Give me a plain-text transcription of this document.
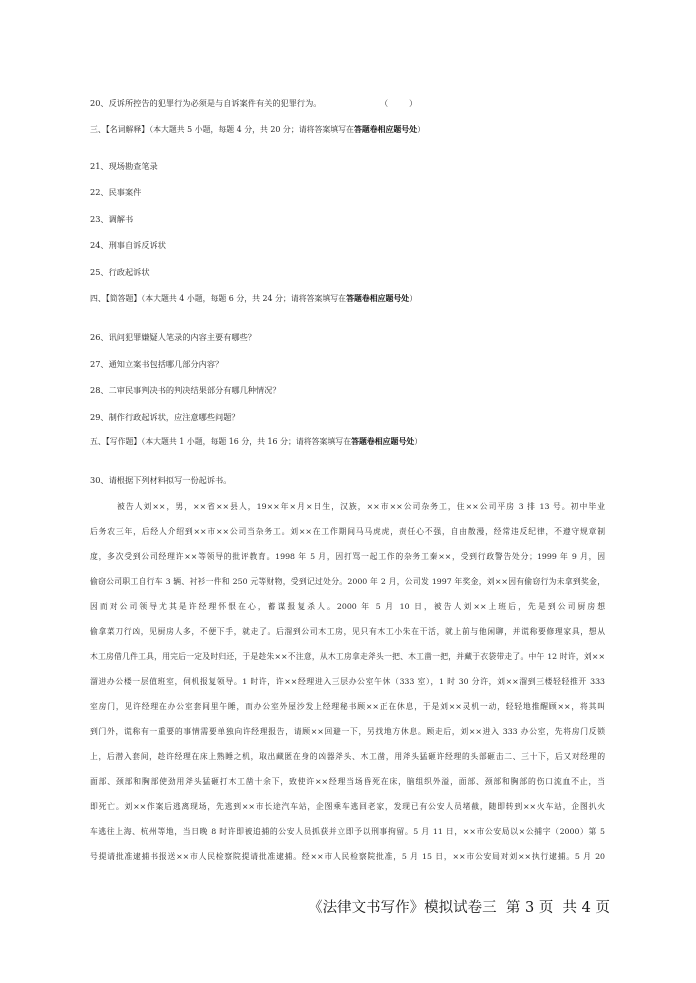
20、反诉所控告的犯罪行为必须是与自诉案件有关的犯罪行为。	（        ）
三、【名词解释】（本大题共 5 小题，每题 4 分，共 20 分；请将答案填写在答题卷相应题号处）
21、现场勘查笔录
22、民事案件
23、调解书
24、刑事自诉反诉状
25、行政起诉状
四、【简答题】（本大题共 4 小题，每题 6 分，共 24 分；请将答案填写在答题卷相应题号处）
26、讯问犯罪嫌疑人笔录的内容主要有哪些？
27、通知立案书包括哪几部分内容？
28、二审民事判决书的判决结果部分有哪几种情况？
29、制作行政起诉状，应注意哪些问题？
五、【写作题】（本大题共 1 小题，每题 16 分，共 16 分；请将答案填写在答题卷相应题号处）
30、请根据下列材料拟写一份起诉书。
被告人刘××，男，××省××县人，19××年×月×日生，汉族，××市××公司杂务工，住××公司平房 3 排 13 号。初中毕业
后务农三年，后经人介绍到××市××公司当杂务工。刘××在工作期间马马虎虎，责任心不强，自由散漫，经常违反纪律，不遵守规章制
度，多次受到公司经理许××等领导的批评教育。1998 年 5 月，因打骂一起工作的杂务工秦××，受到行政警告处分；1999 年 9 月，因
偷窃公司职工自行车 3 辆、衬衫一件和 250 元等财物，受到记过处分。2000 年 2 月，公司发 1997 年奖金，刘××因有偷窃行为未拿到奖金，
因而对公司领导尤其是许经理怀恨在心，蓄谋报复杀人。2000 年 5 月 10 日，被告人刘××上班后，先是到公司厨房想
偷拿菜刀行凶，见厨房人多，不便下手，就走了。后溜到公司木工房，见只有木工小朱在干活，就上前与他闲聊，并谎称要修理家具，想从
木工房借几件工具，用完后一定及时归还，于是趁朱××不注意，从木工房拿走斧头一把、木工凿一把，并藏于衣袋带走了。中午 12 时许，刘××
溜进办公楼一层值班室，伺机报复领导。1 时许，许××经理进入三层办公室午休（333 室），1 时 30 分许，刘××溜到三楼轻轻推开 333
室房门，见许经理在办公室套间里午睡，而办公室外屋沙发上经理秘书顾××正在休息，于是刘××灵机一动，轻轻地推醒顾××，将其叫
到门外，谎称有一重要的事情需要单独向许经理报告，请顾××回避一下，另找地方休息。顾走后，刘××进入 333 办公室，先将房门反锁
上，后潜入套间，趁许经理在床上熟睡之机，取出藏匿在身的凶器斧头、木工凿，用斧头猛砸许经理的头部砸击二、三十下，后又对经理的
面部、颈部和胸部使劲用斧头猛砸打木工凿十余下，致使许××经理当场昏死在床，脑组织外溢，面部、颈部和胸部的伤口流血不止，当
即死亡。刘××作案后逃离现场，先逃到××市长途汽车站，企图乘车逃回老家，发现已有公安人员堵截，随即转到××火车站，企图扒火
车逃往上海、杭州等地，当日晚 8 时许即被追捕的公安人员抓获并立即予以刑事拘留。5 月 11 日，××市公安局以×公捕字（2000）第 5
号提请批准逮捕书报送××市人民检察院提请批准逮捕。经××市人民检察院批准，5 月 15 日，××市公安局对刘××执行逮捕。5 月 20
《法律文书写作》模拟试卷三  第 3 页  共 4 页
